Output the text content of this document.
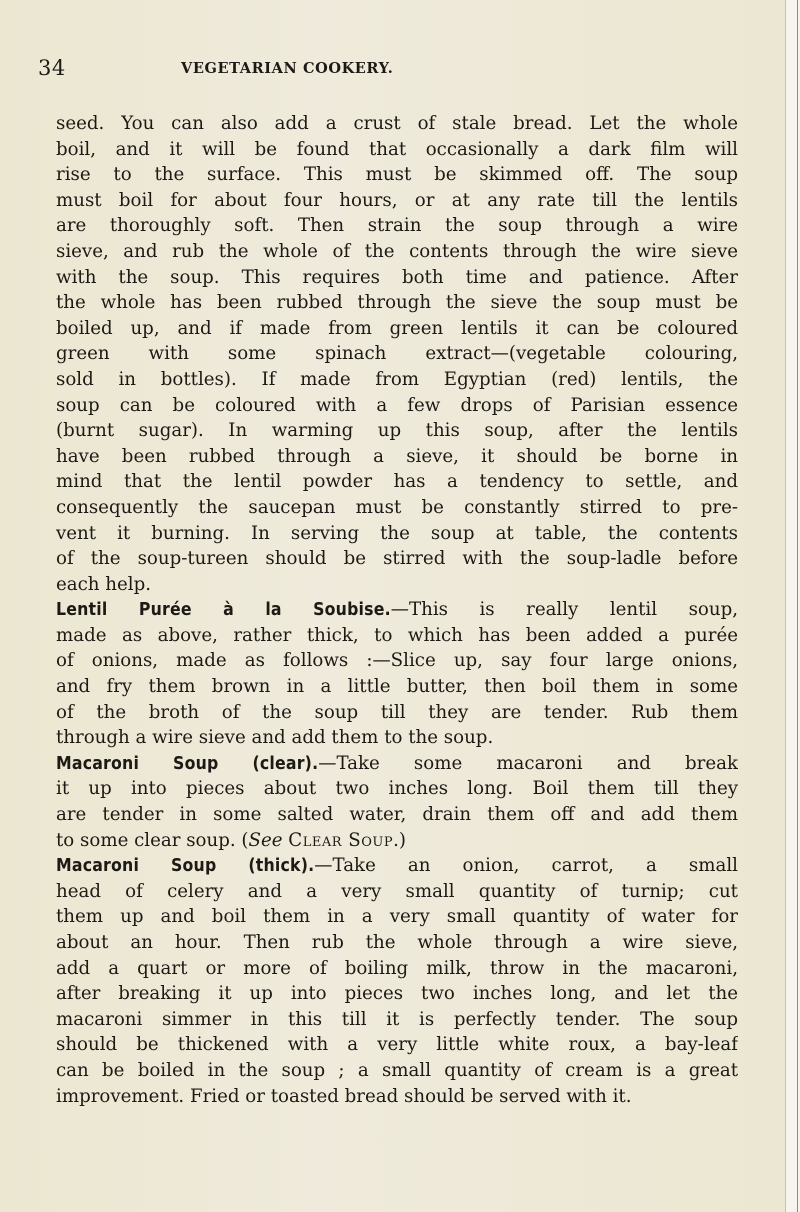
34	VEGETARIAN COOKERY.
seed. You can also add a crust of stale bread. Let the whole
boil, and it will be found that occasionally a dark film will
rise to the surface. This must be skimmed off. The soup
must boil for about four hours, or at any rate till the lentils
are thoroughly soft. Then strain the soup through a wire
sieve, and rub the whole of the contents through the wire sieve
with the soup. This requires both time and patience. After
the whole has been rubbed through the sieve the soup must be
boiled up, and if made from green lentils it can be coloured
green with some spinach extract—(vegetable colouring,
sold in bottles). If made from Egyptian (red) lentils, the
soup can be coloured with a few drops of Parisian essence
(burnt sugar). In warming up this soup, after the lentils
have been rubbed through a sieve, it should be borne in
mind that the lentil powder has a tendency to settle, and
consequently the saucepan must be constantly stirred to pre-
vent it burning. In serving the soup at table, the contents
of the soup-tureen should be stirred with the soup-ladle before
each help.
Lentil Purée à la Soubise.—This is really lentil soup,
made as above, rather thick, to which has been added a purée
of onions, made as follows :—Slice up, say four large onions,
and fry them brown in a little butter, then boil them in some
of the broth of the soup till they are tender. Rub them
through a wire sieve and add them to the soup.
Macaroni Soup (clear).—Take some macaroni and break
it up into pieces about two inches long. Boil them till they
are tender in some salted water, drain them off and add them
to some clear soup. (See Clear Soup.)
Macaroni Soup (thick).—Take an onion, carrot, a small
head of celery and a very small quantity of turnip; cut
them up and boil them in a very small quantity of water for
about an hour. Then rub the whole through a wire sieve,
add a quart or more of boiling milk, throw in the macaroni,
after breaking it up into pieces two inches long, and let the
macaroni simmer in this till it is perfectly tender. The soup
should be thickened with a very little white roux, a bay-leaf
can be boiled in the soup ; a small quantity of cream is a great
improvement. Fried or toasted bread should be served with it.
